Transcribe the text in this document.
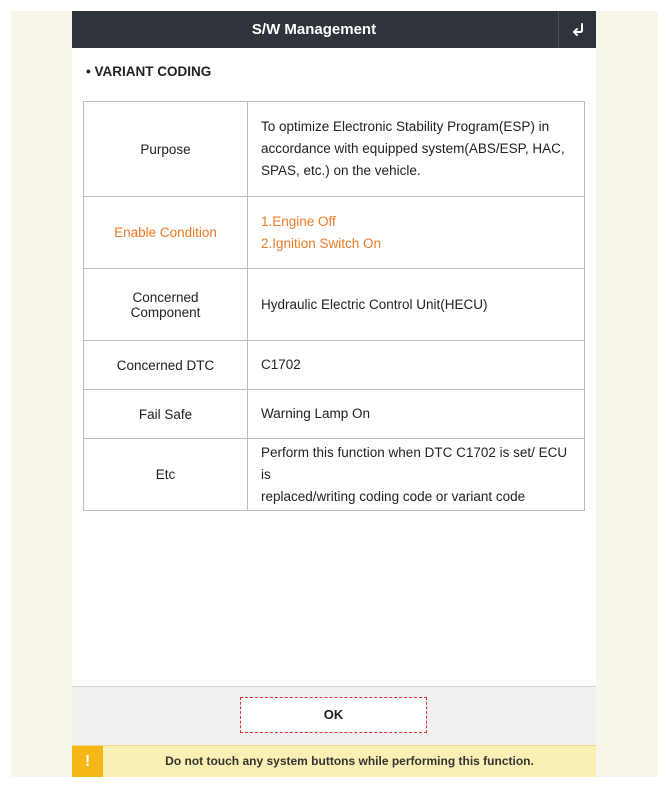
S/W Management
• VARIANT CODING
Purpose	To optimize Electronic Stability Program(ESP) in
accordance with equipped system(ABS/ESP, HAC,
SPAS, etc.) on the vehicle.

Enable Condition	1.Engine Off
2.Ignition Switch On

Concerned
Component	Hydraulic Electric Control Unit(HECU)

Concerned DTC	C1702

Fail Safe	Warning Lamp On

Etc	Perform this function when DTC C1702 is set/ ECU is
replaced/writing coding code or variant code
OK
!	Do not touch any system buttons while performing this function.
